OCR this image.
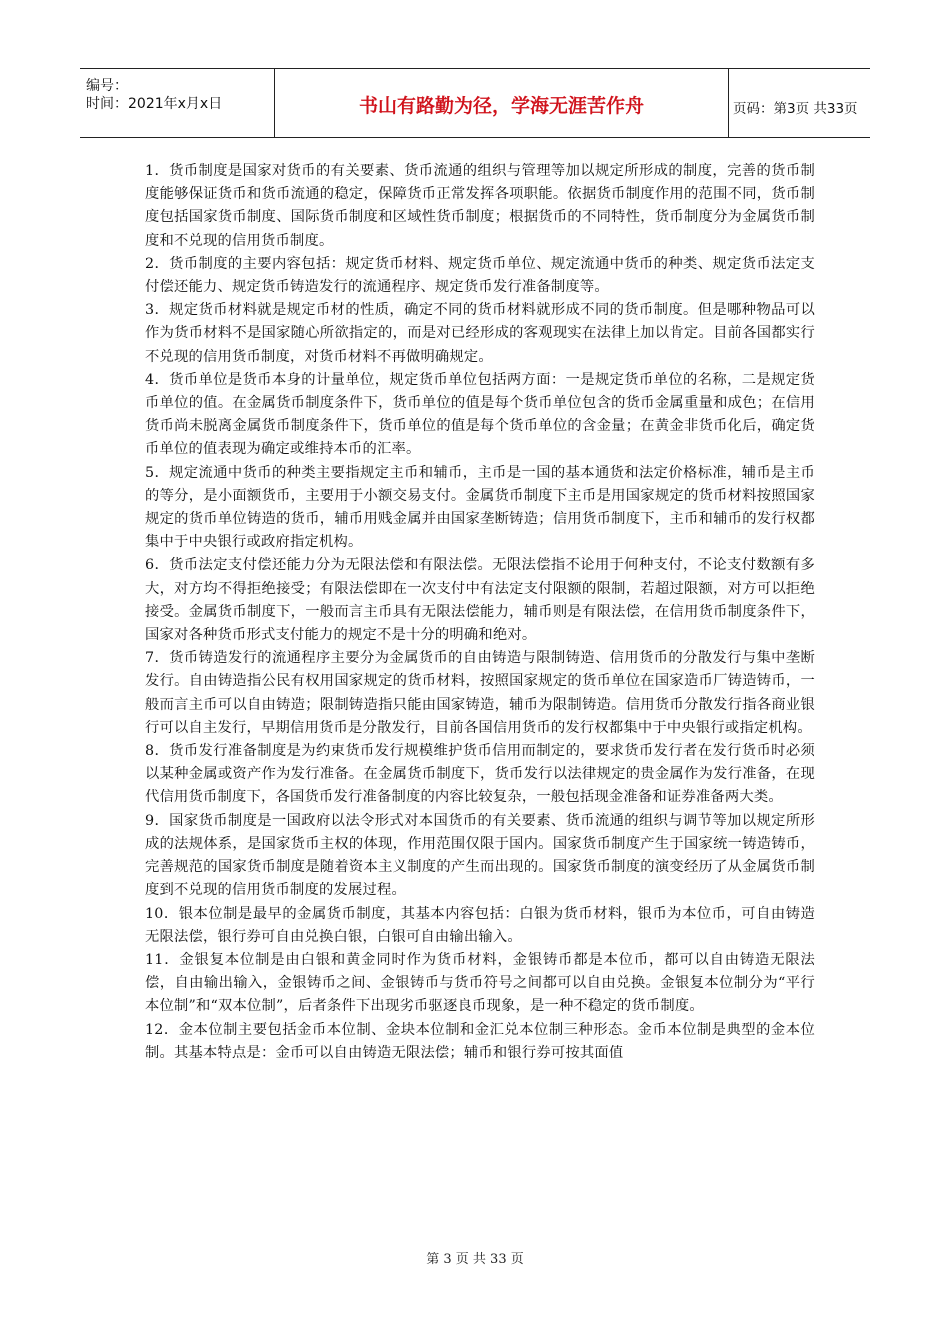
编号：
时间：2021年x月x日	书山有路勤为径，学海无涯苦作舟	页码：第3页 共33页

1．货币制度是国家对货币的有关要素、货币流通的组织与管理等加以规定所形成的制度，完善的货币制度能够保证货币和货币流通的稳定，保障货币正常发挥各项职能。依据货币制度作用的范围不同，货币制度包括国家货币制度、国际货币制度和区域性货币制度；根据货币的不同特性，货币制度分为金属货币制度和不兑现的信用货币制度。

2．货币制度的主要内容包括：规定货币材料、规定货币单位、规定流通中货币的种类、规定货币法定支付偿还能力、规定货币铸造发行的流通程序、规定货币发行准备制度等。

3．规定货币材料就是规定币材的性质，确定不同的货币材料就形成不同的货币制度。但是哪种物品可以作为货币材料不是国家随心所欲指定的，而是对已经形成的客观现实在法律上加以肯定。目前各国都实行不兑现的信用货币制度，对货币材料不再做明确规定。

4．货币单位是货币本身的计量单位，规定货币单位包括两方面：一是规定货币单位的名称，二是规定货币单位的值。在金属货币制度条件下，货币单位的值是每个货币单位包含的货币金属重量和成色；在信用货币尚未脱离金属货币制度条件下，货币单位的值是每个货币单位的含金量；在黄金非货币化后，确定货币单位的值表现为确定或维持本币的汇率。

5．规定流通中货币的种类主要指规定主币和辅币，主币是一国的基本通货和法定价格标准，辅币是主币的等分，是小面额货币，主要用于小额交易支付。金属货币制度下主币是用国家规定的货币材料按照国家规定的货币单位铸造的货币，辅币用贱金属并由国家垄断铸造；信用货币制度下，主币和辅币的发行权都集中于中央银行或政府指定机构。

6．货币法定支付偿还能力分为无限法偿和有限法偿。无限法偿指不论用于何种支付，不论支付数额有多大，对方均不得拒绝接受；有限法偿即在一次支付中有法定支付限额的限制，若超过限额，对方可以拒绝接受。金属货币制度下，一般而言主币具有无限法偿能力，辅币则是有限法偿，在信用货币制度条件下，国家对各种货币形式支付能力的规定不是十分的明确和绝对。

7．货币铸造发行的流通程序主要分为金属货币的自由铸造与限制铸造、信用货币的分散发行与集中垄断发行。自由铸造指公民有权用国家规定的货币材料，按照国家规定的货币单位在国家造币厂铸造铸币，一般而言主币可以自由铸造；限制铸造指只能由国家铸造，辅币为限制铸造。信用货币分散发行指各商业银行可以自主发行，早期信用货币是分散发行，目前各国信用货币的发行权都集中于中央银行或指定机构。

8．货币发行准备制度是为约束货币发行规模维护货币信用而制定的，要求货币发行者在发行货币时必须以某种金属或资产作为发行准备。在金属货币制度下，货币发行以法律规定的贵金属作为发行准备，在现代信用货币制度下，各国货币发行准备制度的内容比较复杂，一般包括现金准备和证券准备两大类。

9．国家货币制度是一国政府以法令形式对本国货币的有关要素、货币流通的组织与调节等加以规定所形成的法规体系，是国家货币主权的体现，作用范围仅限于国内。国家货币制度产生于国家统一铸造铸币，完善规范的国家货币制度是随着资本主义制度的产生而出现的。国家货币制度的演变经历了从金属货币制度到不兑现的信用货币制度的发展过程。

10．银本位制是最早的金属货币制度，其基本内容包括：白银为货币材料，银币为本位币，可自由铸造无限法偿，银行券可自由兑换白银，白银可自由输出输入。

11．金银复本位制是由白银和黄金同时作为货币材料，金银铸币都是本位币，都可以自由铸造无限法偿，自由输出输入，金银铸币之间、金银铸币与货币符号之间都可以自由兑换。金银复本位制分为“平行本位制”和“双本位制”，后者条件下出现劣币驱逐良币现象，是一种不稳定的货币制度。

12．金本位制主要包括金币本位制、金块本位制和金汇兑本位制三种形态。金币本位制是典型的金本位制。其基本特点是：金币可以自由铸造无限法偿；辅币和银行券可按其面值

第 3 页 共 33 页
